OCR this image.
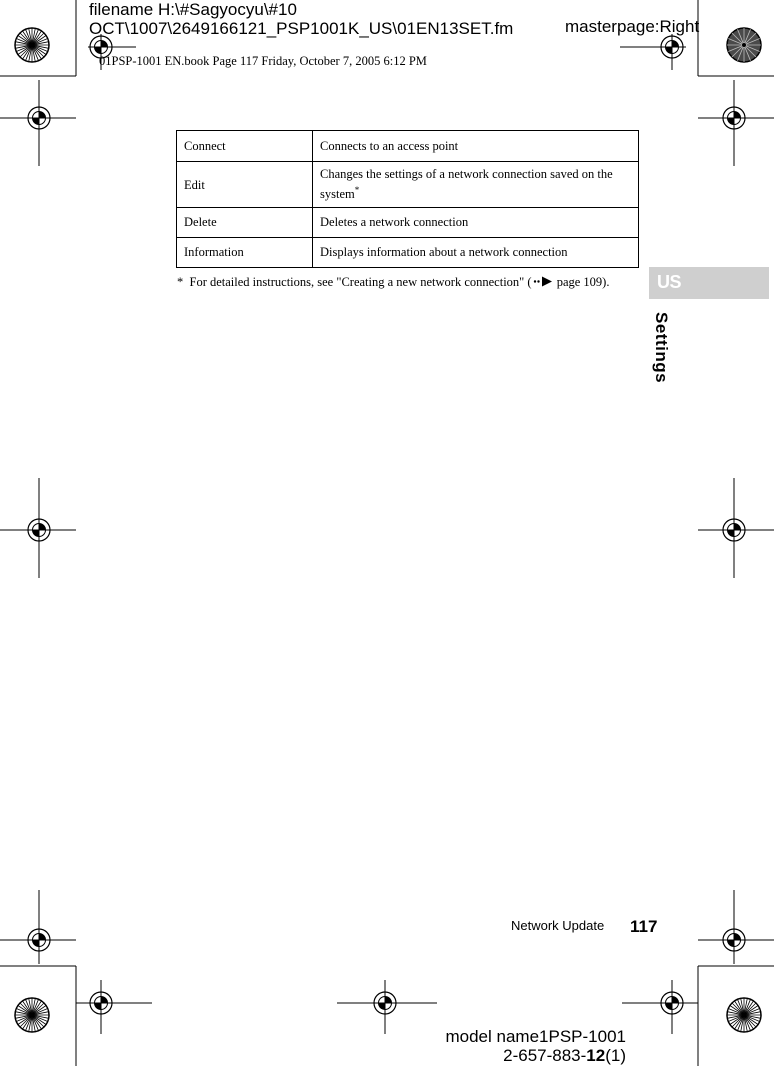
filename H:\#Sagyocyu\#10
OCT\1007\2649166121_PSP1001K_US\01EN13SET.fm	masterpage:Right
01PSP-1001 EN.book Page 117 Friday, October 7, 2005 6:12 PM
Connect	Connects to an access point
Edit	Changes the settings of a network connection saved on the system*
Delete	Deletes a network connection
Information	Displays information about a network connection
* For detailed instructions, see "Creating a new network connection" ( page 109).	US
Settings
Network Update 117
model name1PSP-1001
2-657-883-12(1)
